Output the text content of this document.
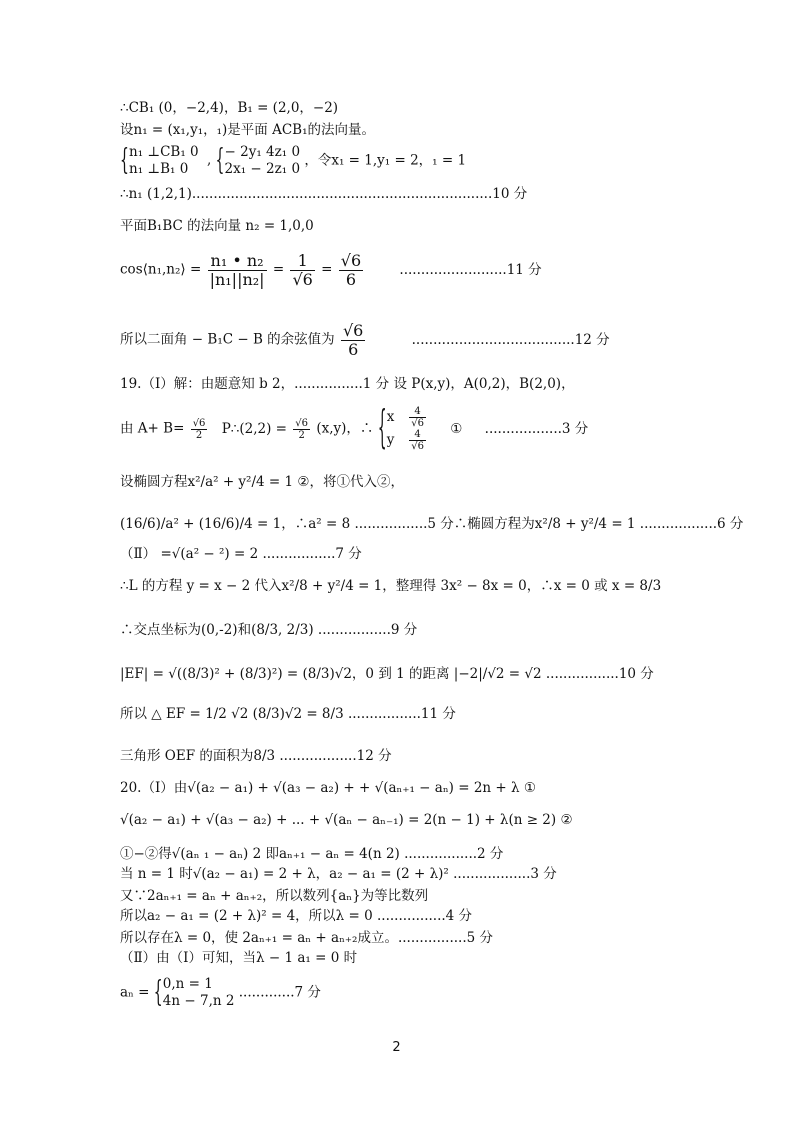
∴CB₁ (0，−2,4)，B₁ = (2,0，−2)
设n₁ = (x₁,y₁，₁)是平面 ACB₁的法向量。
{ n₁ ⊥CB₁ 0
n₁ ⊥B₁ 0
, { − 2y₁ 4z₁ 0
2x₁ − 2z₁ 0
，令x₁ = 1,y₁ = 2，₁ = 1
∴n₁ (1,2,1)......................................................................10 分
平面B₁BC 的法向量 n₂ = 1,0,0
cos⟨n₁,n₂⟩ = $\frac{\text{n₁ • n₂}}{\text{|n₁||n₂|}} = \frac{1}{√6} = \frac{√6}{6}$	.........................11 分
所以二面角 − B₁C − B 的余弦值为 $\frac{√6}{6}$	......................................12 分
19.（Ⅰ）解：由题意知 b 2，................1 分 设 P(x,y)，A(0,2)，B(2,0)，
由 $A+ B= \frac{√6}{2}$ P∴(2,2) = $\frac{√6}{2} (x,y)$，∴ { x $\frac{4}{√6}$
y $\frac{4}{√6}$
① ..................3 分
设椭圆方程x²/a² + y²/4 = 1 ②，将①代入②，
(16/6)/a² + (16/6)/4 = 1，∴a² = 8 .................5 分∴椭圆方程为x²/8 + y²/4 = 1 ..................6 分
（Ⅱ） =√(a² − ²) = 2 .................7 分
∴L 的方程 y = x − 2 代入x²/8 + y²/4 = 1，整理得 3x² − 8x = 0，∴x = 0 或 x = 8/3
∴交点坐标为(0,-2)和(8/3, 2/3) .................9 分
|EF| = √((8/3)² + (8/3)²) = (8/3)√2，0 到 1 的距离 |−2|/√2 = √2 .................10 分
所以 △ EF = 1/2 √2 (8/3)√2 = 8/3 .................11 分
三角形 OEF 的面积为8/3 ..................12 分
20.（Ⅰ）由√(a₂ − a₁) + √(a₃ − a₂) + + √(aₙ₊₁ − aₙ) = 2n + λ ①
√(a₂ − a₁) + √(a₃ − a₂) + ... + √(aₙ − aₙ₋₁) = 2(n − 1) + λ(n ≥ 2) ②
①−②得√(aₙ ₁ − aₙ) 2 即aₙ₊₁ − aₙ = 4(n 2) .................2 分
当 n = 1 时√(a₂ − a₁) = 2 + λ，a₂ − a₁ = (2 + λ)² ..................3 分
又∵2aₙ₊₁ = aₙ + aₙ₊₂，所以数列{aₙ}为等比数列
所以a₂ − a₁ = (2 + λ)² = 4，所以λ = 0 ................4 分
所以存在λ = 0，使 2aₙ₊₁ = aₙ + aₙ₊₂成立。................5 分
（Ⅱ）由（Ⅰ）可知，当λ − 1 a₁ = 0 时
aₙ = { 0,n = 1
4n − 7,n 2
.............7 分
2
